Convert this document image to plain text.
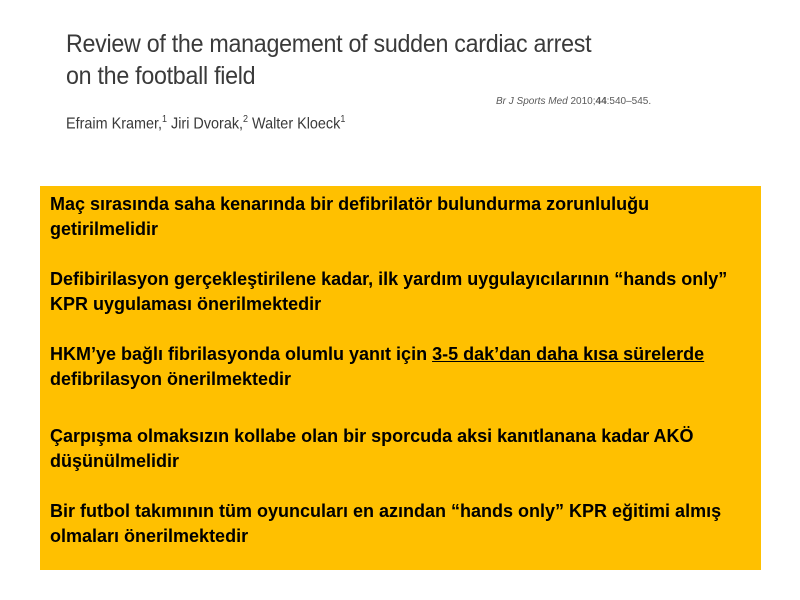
Review of the management of sudden cardiac arrest
on the football field
Br J Sports Med 2010;44:540–545.
Efraim Kramer,$^1$ Jiri Dvorak,$^2$ Walter Kloeck$^1$

Maç sırasında saha kenarında bir defibrilatör bulundurma zorunluluğu getirilmelidir

Defibirilasyon gerçekleştirilene kadar, ilk yardım uygulayıcılarının “hands only” KPR uygulaması önerilmektedir

HKM’ye bağlı fibrilasyonda olumlu yanıt için 3-5 dak’dan daha kısa sürelerde defibrilasyon önerilmektedir

Çarpışma olmaksızın kollabe olan bir sporcuda aksi kanıtlanana kadar AKÖ düşünülmelidir

Bir futbol takımının tüm oyuncuları en azından “hands only” KPR eğitimi almış olmaları önerilmektedir
